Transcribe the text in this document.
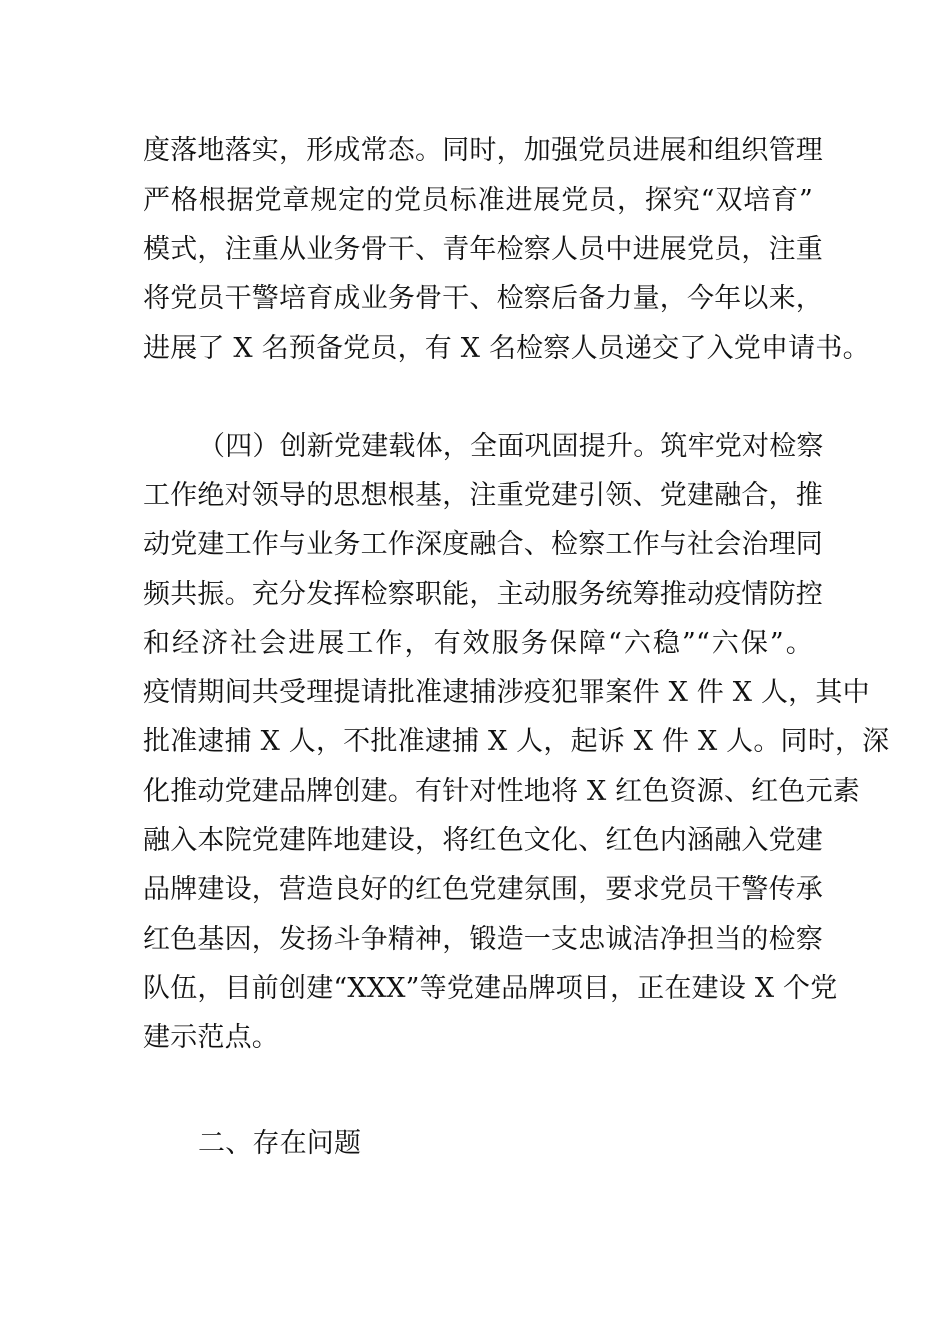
度落地落实，形成常态。同时，加强党员进展和组织管理
严格根据党章规定的党员标准进展党员，探究“双培育”
模式，注重从业务骨干、青年检察人员中进展党员，注重
将党员干警培育成业务骨干、检察后备力量，今年以来，
进展了 X 名预备党员，有 X 名检察人员递交了入党申请书。
（四）创新党建载体，全面巩固提升。筑牢党对检察
工作绝对领导的思想根基，注重党建引领、党建融合，推
动党建工作与业务工作深度融合、检察工作与社会治理同
频共振。充分发挥检察职能，主动服务统筹推动疫情防控
和经济社会进展工作，有效服务保障“六稳”“六保”。
疫情期间共受理提请批准逮捕涉疫犯罪案件 X 件 X 人，其中
批准逮捕 X 人，不批准逮捕 X 人，起诉 X 件 X 人。同时，深
化推动党建品牌创建。有针对性地将 X 红色资源、红色元素
融入本院党建阵地建设，将红色文化、红色内涵融入党建
品牌建设，营造良好的红色党建氛围，要求党员干警传承
红色基因，发扬斗争精神，锻造一支忠诚洁净担当的检察
队伍，目前创建“XXX”等党建品牌项目，正在建设 X 个党
建示范点。
二、存在问题
